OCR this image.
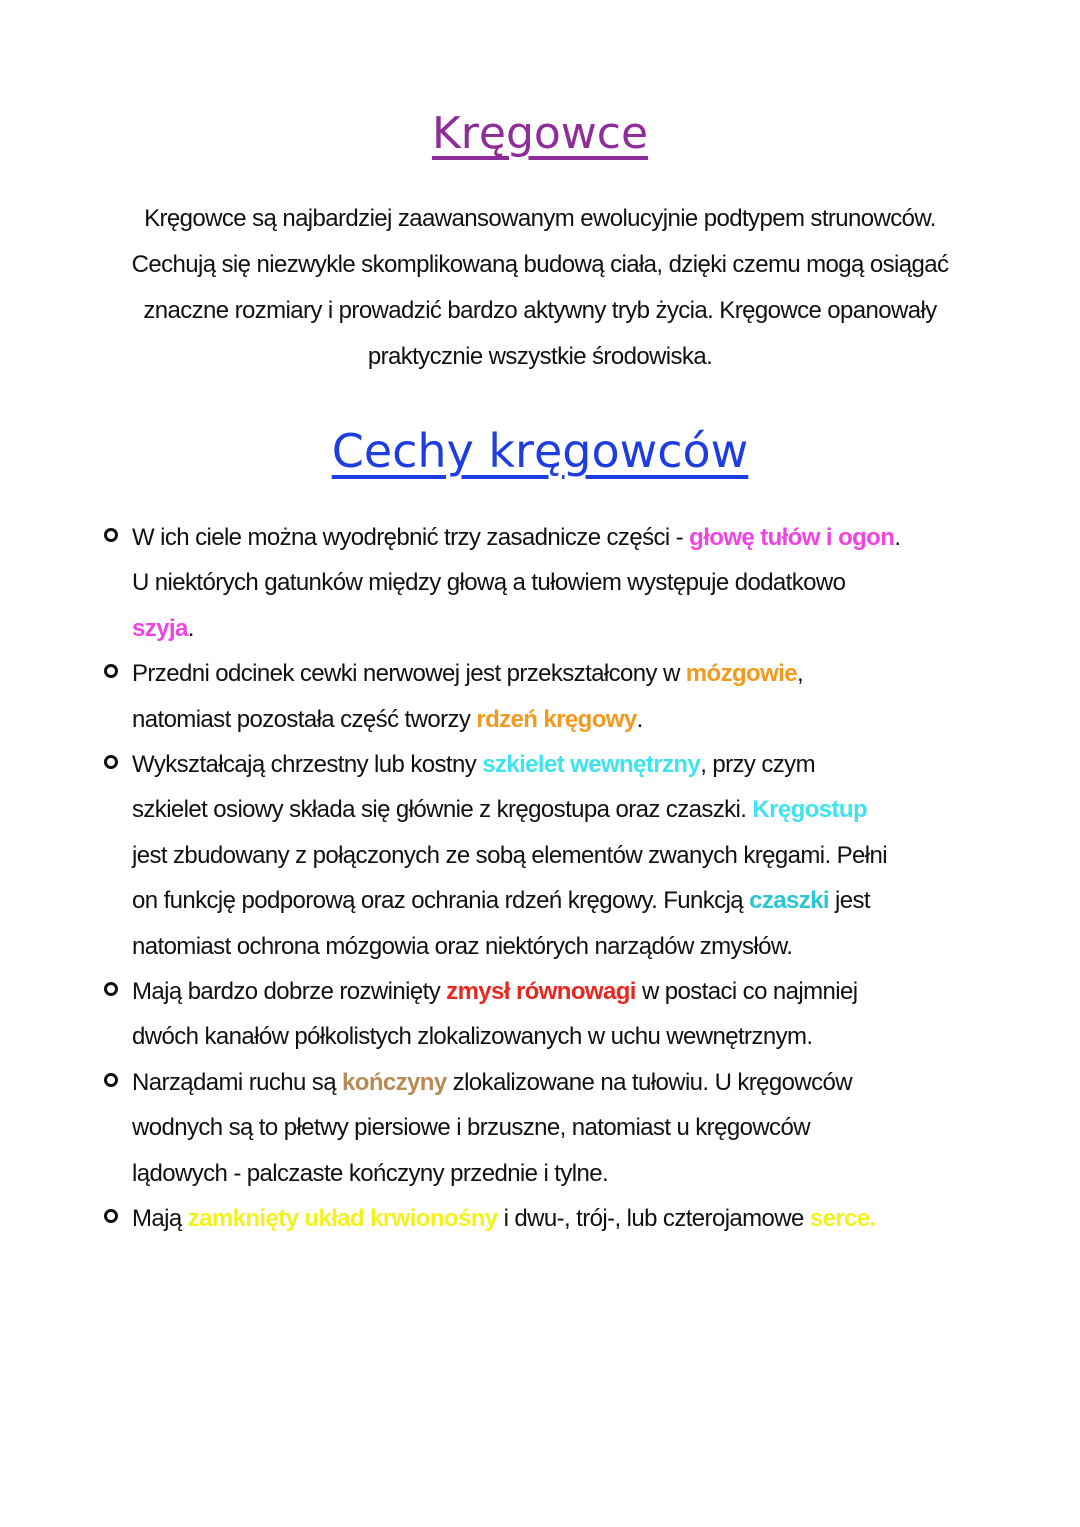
Kręgowce
Kręgowce są najbardziej zaawansowanym ewolucyjnie podtypem strunowców.
Cechują się niezwykle skomplikowaną budową ciała, dzięki czemu mogą osiągać
znaczne rozmiary i prowadzić bardzo aktywny tryb życia. Kręgowce opanowały
praktycznie wszystkie środowiska.
Cechy kręgowców
W ich ciele można wyodrębnić trzy zasadnicze części - głowę tułów i ogon.
U niektórych gatunków między głową a tułowiem występuje dodatkowo
szyja.
Przedni odcinek cewki nerwowej jest przekształcony w mózgowie,
natomiast pozostała część tworzy rdzeń kręgowy.
Wykształcają chrzestny lub kostny szkielet wewnętrzny, przy czym
szkielet osiowy składa się głównie z kręgostupa oraz czaszki. Kręgostup
jest zbudowany z połączonych ze sobą elementów zwanych kręgami. Pełni
on funkcję podporową oraz ochrania rdzeń kręgowy. Funkcją czaszki jest
natomiast ochrona mózgowia oraz niektórych narządów zmysłów.
Mają bardzo dobrze rozwinięty zmysł równowagi w postaci co najmniej
dwóch kanałów półkolistych zlokalizowanych w uchu wewnętrznym.
Narządami ruchu są kończyny zlokalizowane na tułowiu. U kręgowców
wodnych są to płetwy piersiowe i brzuszne, natomiast u kręgowców
lądowych - palczaste kończyny przednie i tylne.
Mają zamknięty układ krwionośny i dwu-, trój-, lub czterojamowe serce.
